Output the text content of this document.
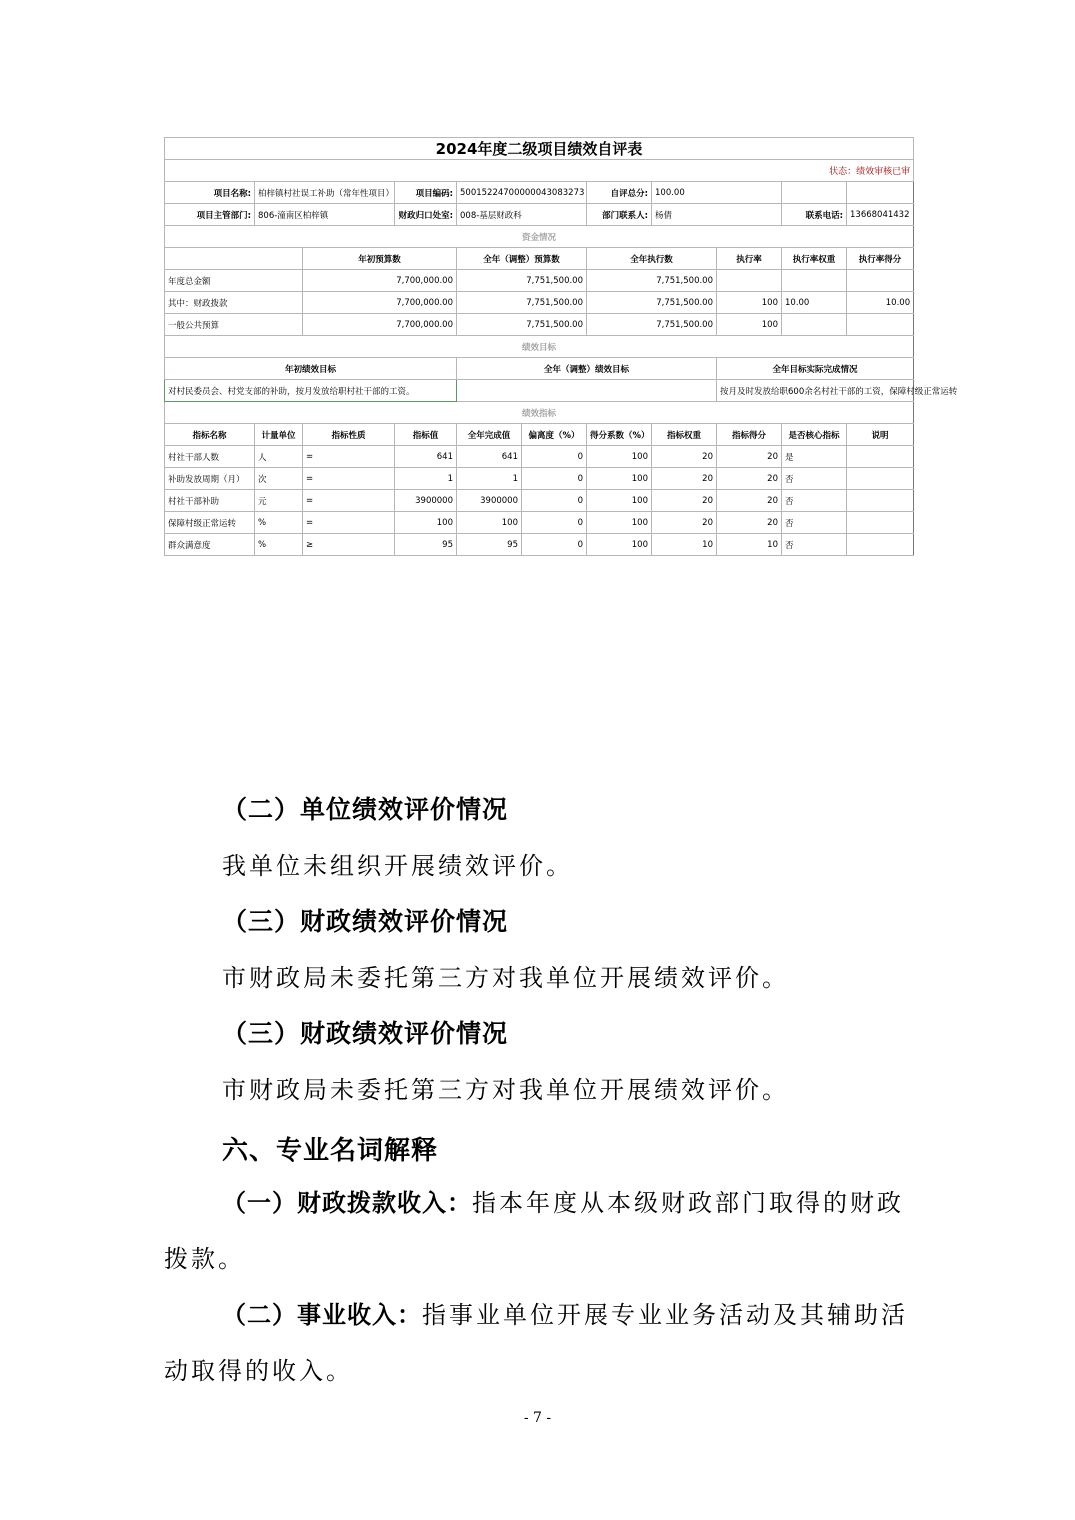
2024年度二级项目绩效自评表										
状态：绩效审核已审										
项目名称:	柏梓镇村社误工补助（常年性项目）		项目编码:	50015224700000043083273		自评总分:	100.00			
项目主管部门:	806-潼南区柏梓镇		财政归口处室:	008-基层财政科		部门联系人:	杨倩		联系电话:	13668041432
资金情况										
		年初预算数		全年（调整）预算数		全年执行数		执行率	执行率权重	执行率得分
年度总金额		7,700,000.00		7,751,500.00		7,751,500.00				
其中：财政拨款		7,700,000.00		7,751,500.00		7,751,500.00		100	10.00	10.00
一般公共预算		7,700,000.00		7,751,500.00		7,751,500.00		100		
绩效目标										
年初绩效目标				全年（调整）绩效目标				全年目标实际完成情况		
对村民委员会、村党支部的补助，按月发放给职村社干部的工资。								按月及时发放给职600余名村社干部的工资，保障村级正常运转		
绩效指标										
指标名称	计量单位	指标性质	指标值	全年完成值	偏离度（%）	得分系数（%）	指标权重	指标得分	是否核心指标	说明
村社干部人数	人	=	641	641	0	100	20	20	是	
补助发放周期（月）	次	=	1	1	0	100	20	20	否	
村社干部补助	元	=	3900000	3900000	0	100	20	20	否	
保障村级正常运转	%	=	100	100	0	100	20	20	否	
群众满意度	%	≥	95	95	0	100	10	10	否	
（二）单位绩效评价情况
我单位未组织开展绩效评价。
（三）财政绩效评价情况
市财政局未委托第三方对我单位开展绩效评价。
（三）财政绩效评价情况
市财政局未委托第三方对我单位开展绩效评价。
六、专业名词解释
（一）财政拨款收入：指本年度从本级财政部门取得的财政拨款。
（二）事业收入：指事业单位开展专业业务活动及其辅助活动取得的收入。
- 7 -
